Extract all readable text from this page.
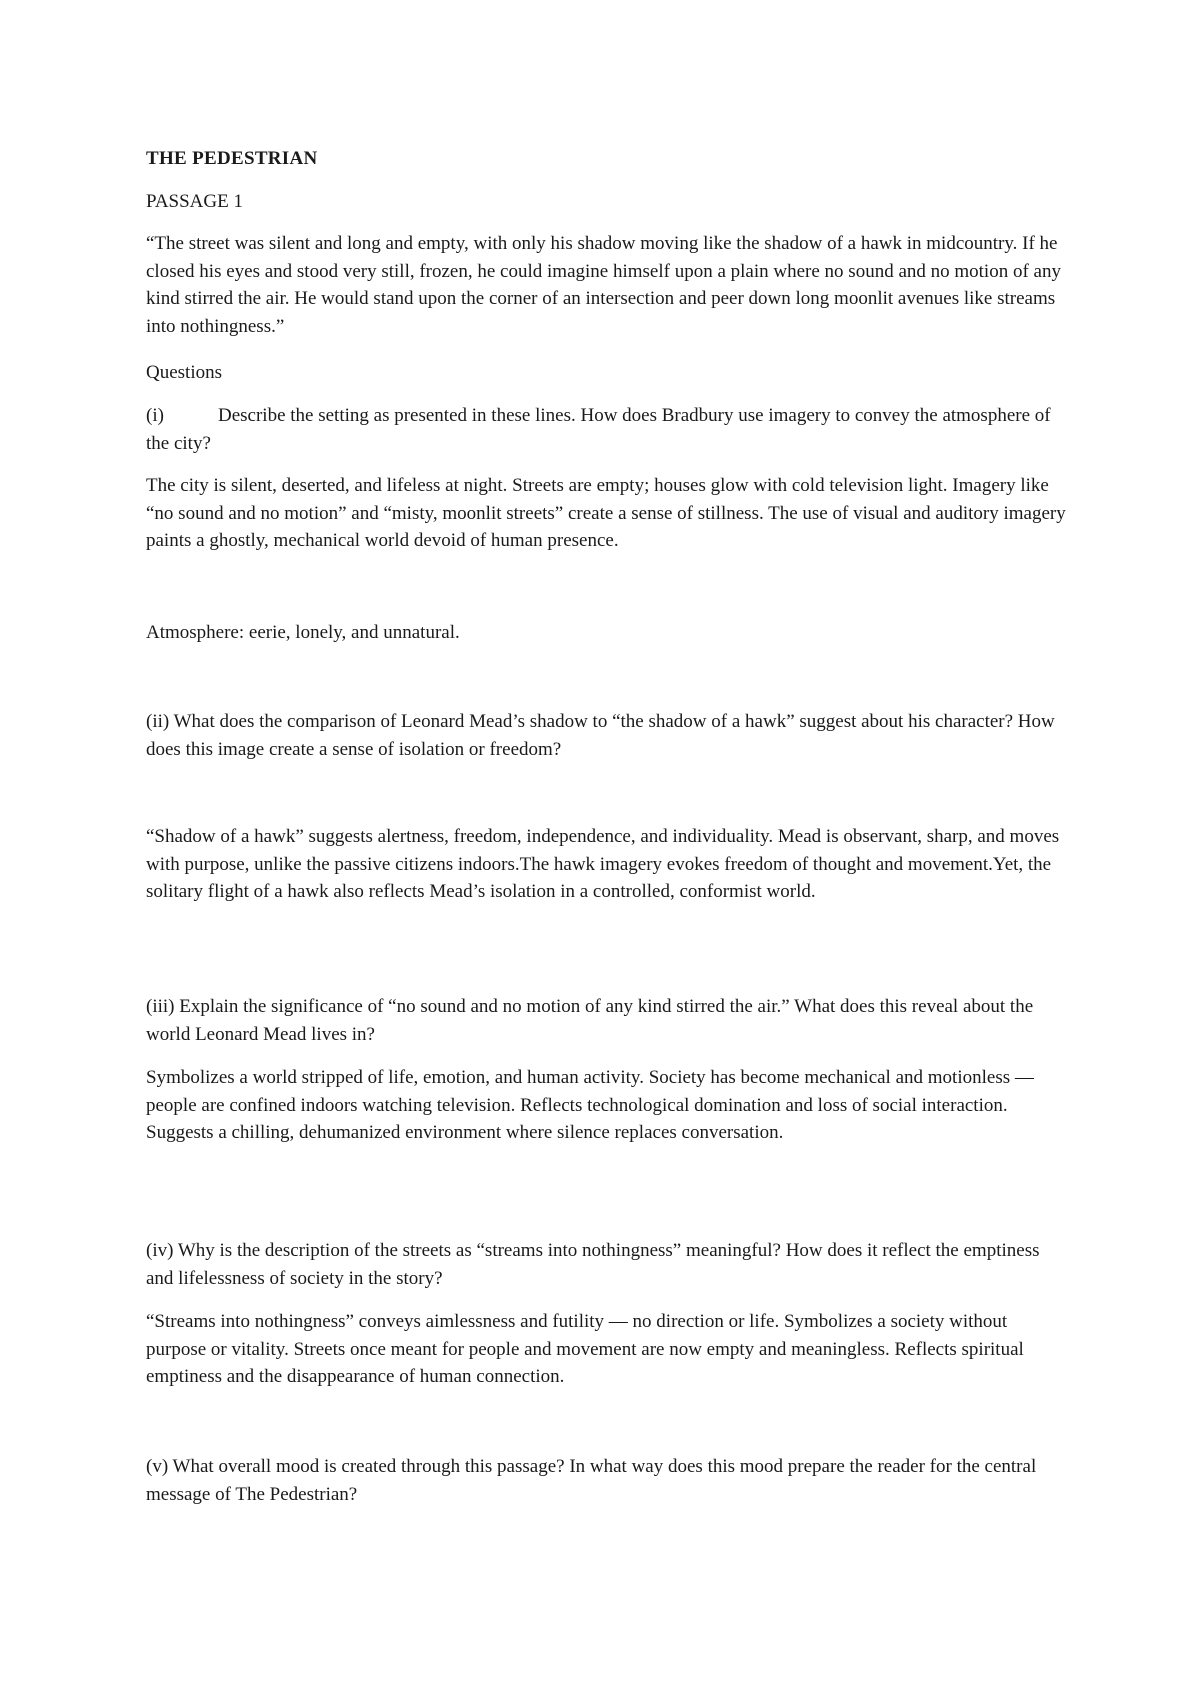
THE PEDESTRIAN

PASSAGE 1

“The street was silent and long and empty, with only his shadow moving like the shadow of a hawk in midcountry. If he closed his eyes and stood very still, frozen, he could imagine himself upon a plain where no sound and no motion of any kind stirred the air. He would stand upon the corner of an intersection and peer down long moonlit avenues like streams into nothingness.”

Questions

(i)	Describe the setting as presented in these lines. How does Bradbury use imagery to convey the atmosphere of the city?

The city is silent, deserted, and lifeless at night. Streets are empty; houses glow with cold television light. Imagery like “no sound and no motion” and “misty, moonlit streets” create a sense of stillness. The use of visual and auditory imagery paints a ghostly, mechanical world devoid of human presence.

Atmosphere: eerie, lonely, and unnatural.

(ii) What does the comparison of Leonard Mead’s shadow to “the shadow of a hawk” suggest about his character? How does this image create a sense of isolation or freedom?

“Shadow of a hawk” suggests alertness, freedom, independence, and individuality. Mead is observant, sharp, and moves with purpose, unlike the passive citizens indoors.The hawk imagery evokes freedom of thought and movement.Yet, the solitary flight of a hawk also reflects Mead’s isolation in a controlled, conformist world.

(iii) Explain the significance of “no sound and no motion of any kind stirred the air.” What does this reveal about the world Leonard Mead lives in?

Symbolizes a world stripped of life, emotion, and human activity. Society has become mechanical and motionless — people are confined indoors watching television. Reflects technological domination and loss of social interaction. Suggests a chilling, dehumanized environment where silence replaces conversation.

(iv) Why is the description of the streets as “streams into nothingness” meaningful? How does it reflect the emptiness and lifelessness of society in the story?

“Streams into nothingness” conveys aimlessness and futility — no direction or life. Symbolizes a society without purpose or vitality. Streets once meant for people and movement are now empty and meaningless. Reflects spiritual emptiness and the disappearance of human connection.

(v) What overall mood is created through this passage? In what way does this mood prepare the reader for the central message of The Pedestrian?
